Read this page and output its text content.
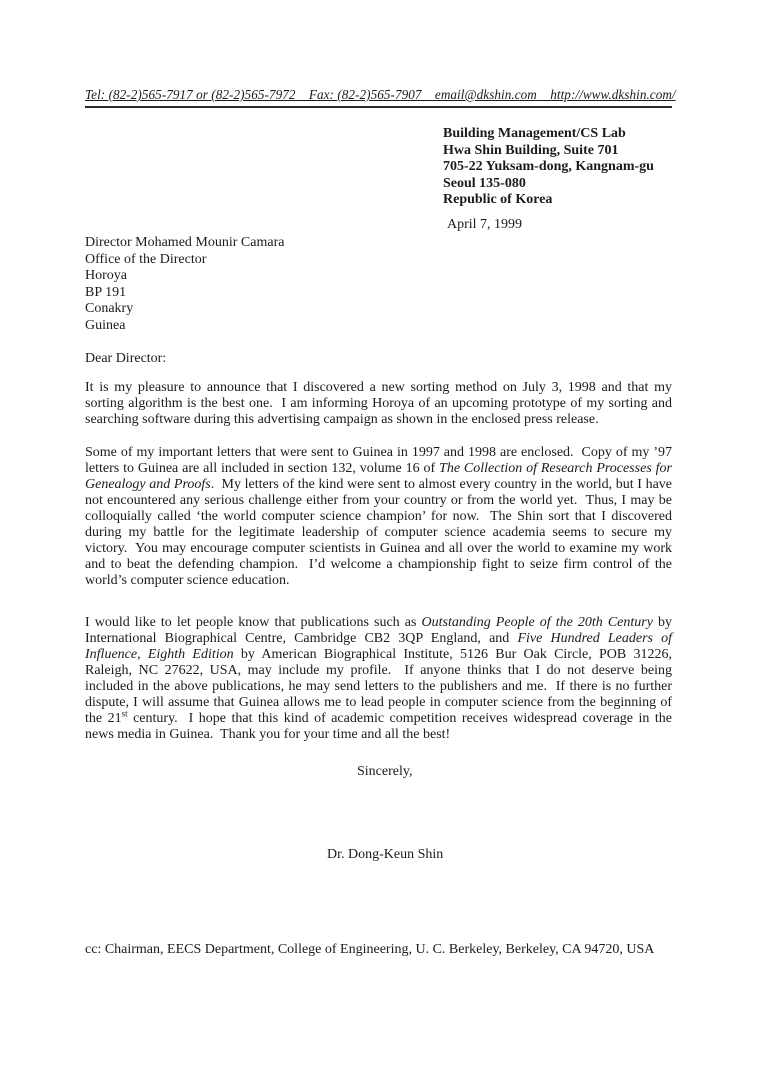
Tel: (82-2)565-7917 or (82-2)565-7972    Fax: (82-2)565-7907    email@dkshin.com    http://www.dkshin.com/
Building Management/CS Lab
Hwa Shin Building, Suite 701
705-22 Yuksam-dong, Kangnam-gu
Seoul 135-080
Republic of Korea
April 7, 1999
Director Mohamed Mounir Camara
Office of the Director
Horoya
BP 191
Conakry
Guinea
Dear Director:

It is my pleasure to announce that I discovered a new sorting method on July 3, 1998 and that my sorting algorithm is the best one.  I am informing Horoya of an upcoming prototype of my sorting and searching software during this advertising campaign as shown in the enclosed press release.

Some of my important letters that were sent to Guinea in 1997 and 1998 are enclosed.  Copy of my ’97 letters to Guinea are all included in section 132, volume 16 of The Collection of Research Processes for Genealogy and Proofs.  My letters of the kind were sent to almost every country in the world, but I have not encountered any serious challenge either from your country or from the world yet.  Thus, I may be colloquially called ‘the world computer science champion’ for now.  The Shin sort that I discovered during my battle for the legitimate leadership of computer science academia seems to secure my victory.  You may encourage computer scientists in Guinea and all over the world to examine my work and to beat the defending champion.  I’d welcome a championship fight to seize firm control of the world’s computer science education.

I would like to let people know that publications such as Outstanding People of the 20th Century by International Biographical Centre, Cambridge CB2 3QP England, and Five Hundred Leaders of Influence, Eighth Edition by American Biographical Institute, 5126 Bur Oak Circle, POB 31226, Raleigh, NC 27622, USA, may include my profile.  If anyone thinks that I do not deserve being included in the above publications, he may send letters to the publishers and me.  If there is no further dispute, I will assume that Guinea allows me to lead people in computer science from the beginning of the 21st century.  I hope that this kind of academic competition receives widespread coverage in the news media in Guinea.  Thank you for your time and all the best!

Sincerely,
Dr. Dong-Keun Shin
cc: Chairman, EECS Department, College of Engineering, U. C. Berkeley, Berkeley, CA 94720, USA
